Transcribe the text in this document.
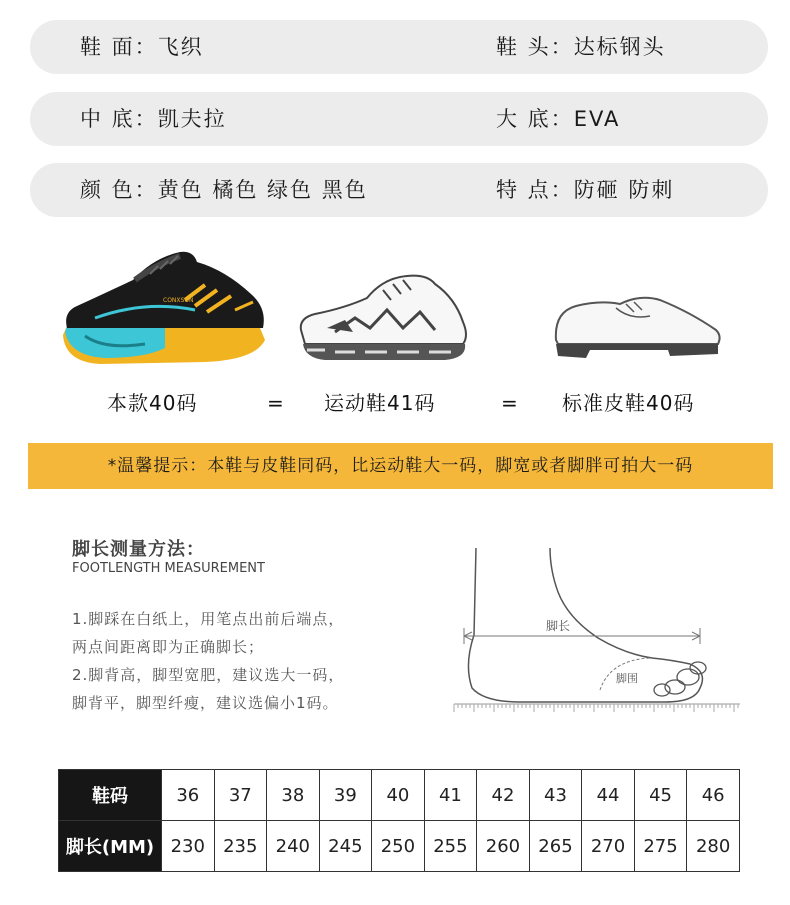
鞋 面：飞织	鞋 头：达标钢头
中 底：凯夫拉	大 底：EVA
颜 色：黄色 橘色 绿色 黑色	特 点：防砸 防刺
CONXSON
本款40码	= 运动鞋41码	= 标准皮鞋40码
*温馨提示：本鞋与皮鞋同码，比运动鞋大一码，脚宽或者脚胖可拍大一码
脚长测量方法：
FOOTLENGTH MEASUREMENT
1.脚踩在白纸上，用笔点出前后端点，
两点间距离即为正确脚长；
2.脚背高，脚型宽肥，建议选大一码，
脚背平，脚型纤瘦，建议选偏小1码。
脚长
脚围
鞋码	36	37	38	39	40	41	42	43	44	45	46
脚长(MM)	230	235	240	245	250	255	260	265	270	275	280
